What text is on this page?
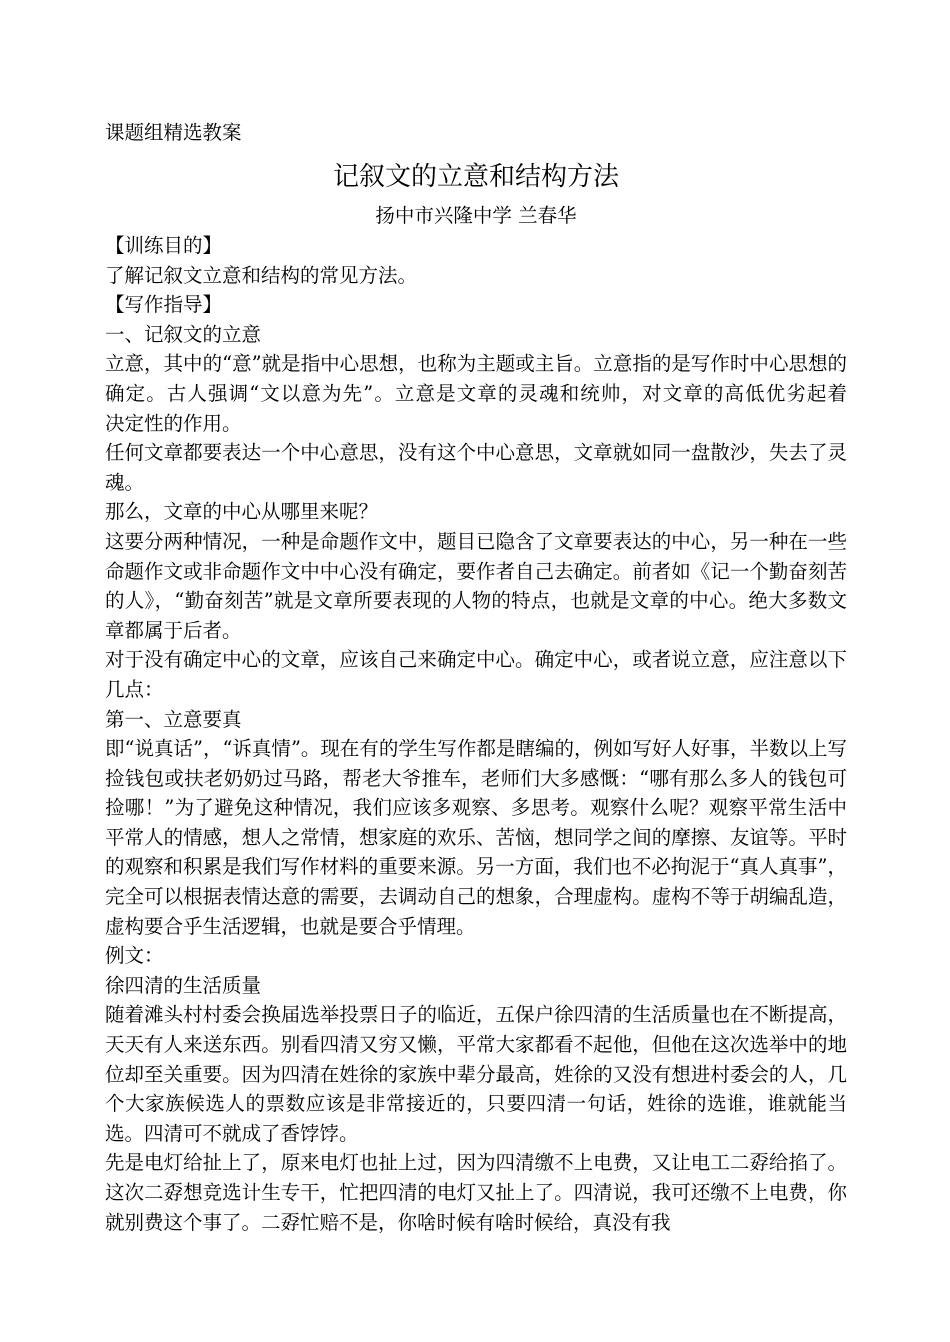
课题组精选教案

记叙文的立意和结构方法

扬中市兴隆中学 兰春华

【训练目的】

了解记叙文立意和结构的常见方法。

【写作指导】

一、记叙文的立意

立意，其中的“意”就是指中心思想，也称为主题或主旨。立意指的是写作时中心思想的确定。古人强调“文以意为先”。立意是文章的灵魂和统帅，对文章的高低优劣起着　　决定性的作用。

任何文章都要表达一个中心意思，没有这个中心意思，文章就如同一盘散沙，失去了灵魂。

那么，文章的中心从哪里来呢？

这要分两种情况，一种是命题作文中，题目已隐含了文章要表达的中心，另一种在一些命题作文或非命题作文中中心没有确定，要作者自己去确定。前者如《记一个勤奋刻苦的人》，“勤奋刻苦”就是文章所要表现的人物的特点，也就是文章的中心。绝大多数文章都属于后者。

对于没有确定中心的文章，应该自己来确定中心。确定中心，或者说立意，应注意以下几点：

第一、立意要真

即“说真话”，“诉真情”。现在有的学生写作都是瞎编的，例如写好人好事，半数以上写捡钱包或扶老奶奶过马路，帮老大爷推车，老师们大多感慨：“哪有那么多人的钱包可捡哪！”为了避免这种情况，我们应该多观察、多思考。观察什么呢？观察平常生活中平常人的情感，想人之常情，想家庭的欢乐、苦恼，想同学之间的摩擦、友谊等。平时的观察和积累是我们写作材料的重要来源。另一方面，我们也不必拘泥于“真人真事”，完全可以根据表情达意的需要，去调动自己的想象，合理虚构。虚构不等于胡编乱造，虚构要合乎生活逻辑，也就是要合乎情理。

例文：

徐四清的生活质量

随着滩头村村委会换届选举投票日子的临近，五保户徐四清的生活质量也在不断提高，天天有人来送东西。别看四清又穷又懒，平常大家都看不起他，但他在这次选举中的地位却至关重要。因为四清在姓徐的家族中辈分最高，姓徐的又没有想进村委会的人，几个大家族候选人的票数应该是非常接近的，只要四清一句话，姓徐的选谁，谁就能当选。四清可不就成了香饽饽。

先是电灯给扯上了，原来电灯也扯上过，因为四清缴不上电费，又让电工二孬给掐了。这次二孬想竞选计生专干，忙把四清的电灯又扯上了。四清说，我可还缴不上电费，你就别费这个事了。二孬忙赔不是，你啥时候有啥时候给，真没有我
